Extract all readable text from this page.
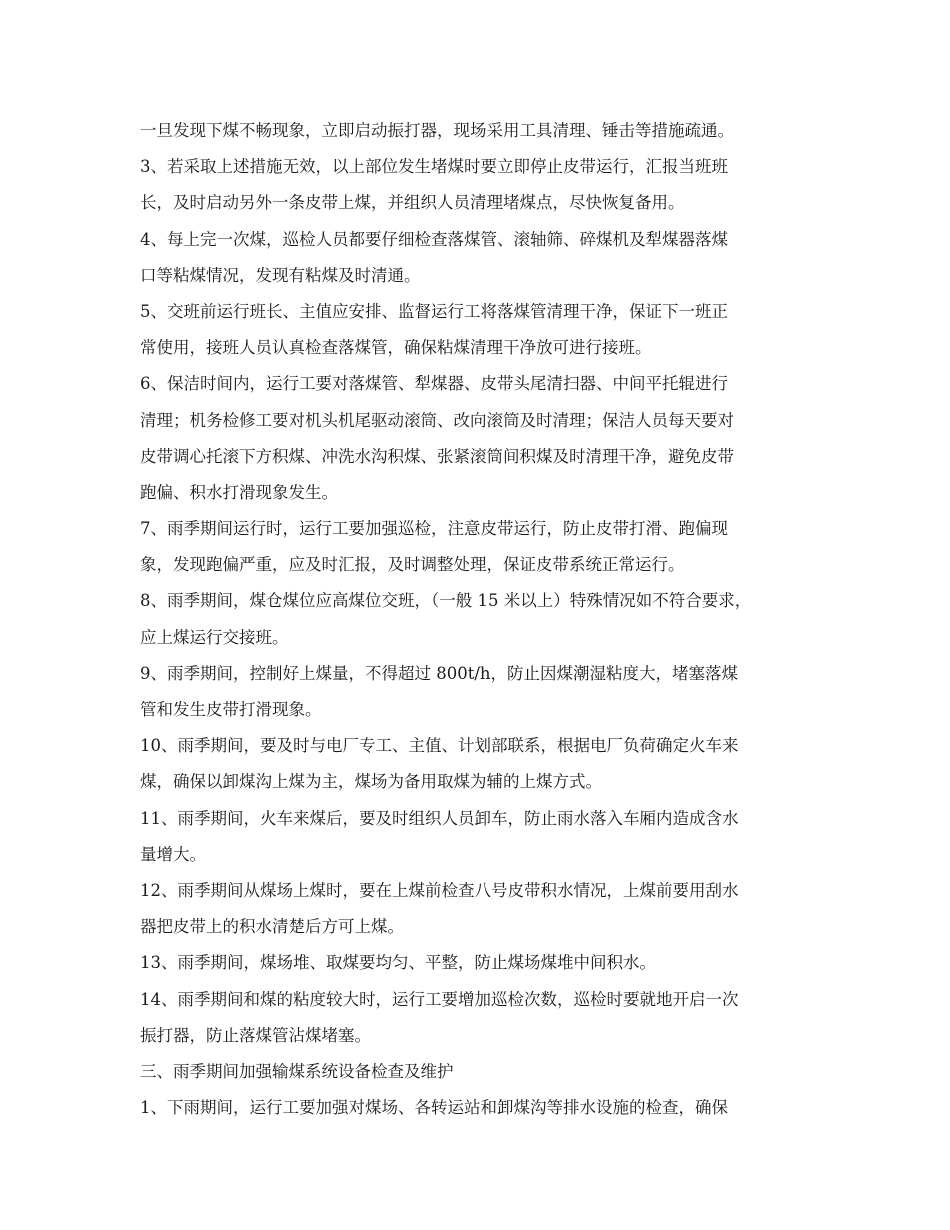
一旦发现下煤不畅现象，立即启动振打器，现场采用工具清理、锤击等措施疏通。
3、若采取上述措施无效，以上部位发生堵煤时要立即停止皮带运行，汇报当班班
长，及时启动另外一条皮带上煤，并组织人员清理堵煤点，尽快恢复备用。
4、每上完一次煤，巡检人员都要仔细检查落煤管、滚轴筛、碎煤机及犁煤器落煤
口等粘煤情况，发现有粘煤及时清通。
5、交班前运行班长、主值应安排、监督运行工将落煤管清理干净，保证下一班正
常使用，接班人员认真检查落煤管，确保粘煤清理干净放可进行接班。
6、保洁时间内，运行工要对落煤管、犁煤器、皮带头尾清扫器、中间平托辊进行
清理；机务检修工要对机头机尾驱动滚筒、改向滚筒及时清理；保洁人员每天要对
皮带调心托滚下方积煤、冲洗水沟积煤、张紧滚筒间积煤及时清理干净，避免皮带
跑偏、积水打滑现象发生。
7、雨季期间运行时，运行工要加强巡检，注意皮带运行，防止皮带打滑、跑偏现
象，发现跑偏严重，应及时汇报，及时调整处理，保证皮带系统正常运行。
8、雨季期间，煤仓煤位应高煤位交班，（一般 15 米以上）特殊情况如不符合要求，
应上煤运行交接班。
9、雨季期间，控制好上煤量，不得超过 800t/h，防止因煤潮湿粘度大，堵塞落煤
管和发生皮带打滑现象。
10、雨季期间，要及时与电厂专工、主值、计划部联系，根据电厂负荷确定火车来
煤，确保以卸煤沟上煤为主，煤场为备用取煤为辅的上煤方式。
11、雨季期间，火车来煤后，要及时组织人员卸车，防止雨水落入车厢内造成含水
量增大。
12、雨季期间从煤场上煤时，要在上煤前检查八号皮带积水情况，上煤前要用刮水
器把皮带上的积水清楚后方可上煤。
13、雨季期间，煤场堆、取煤要均匀、平整，防止煤场煤堆中间积水。
14、雨季期间和煤的粘度较大时，运行工要增加巡检次数，巡检时要就地开启一次
振打器，防止落煤管沾煤堵塞。
三、雨季期间加强输煤系统设备检查及维护
1、下雨期间，运行工要加强对煤场、各转运站和卸煤沟等排水设施的检查，确保
